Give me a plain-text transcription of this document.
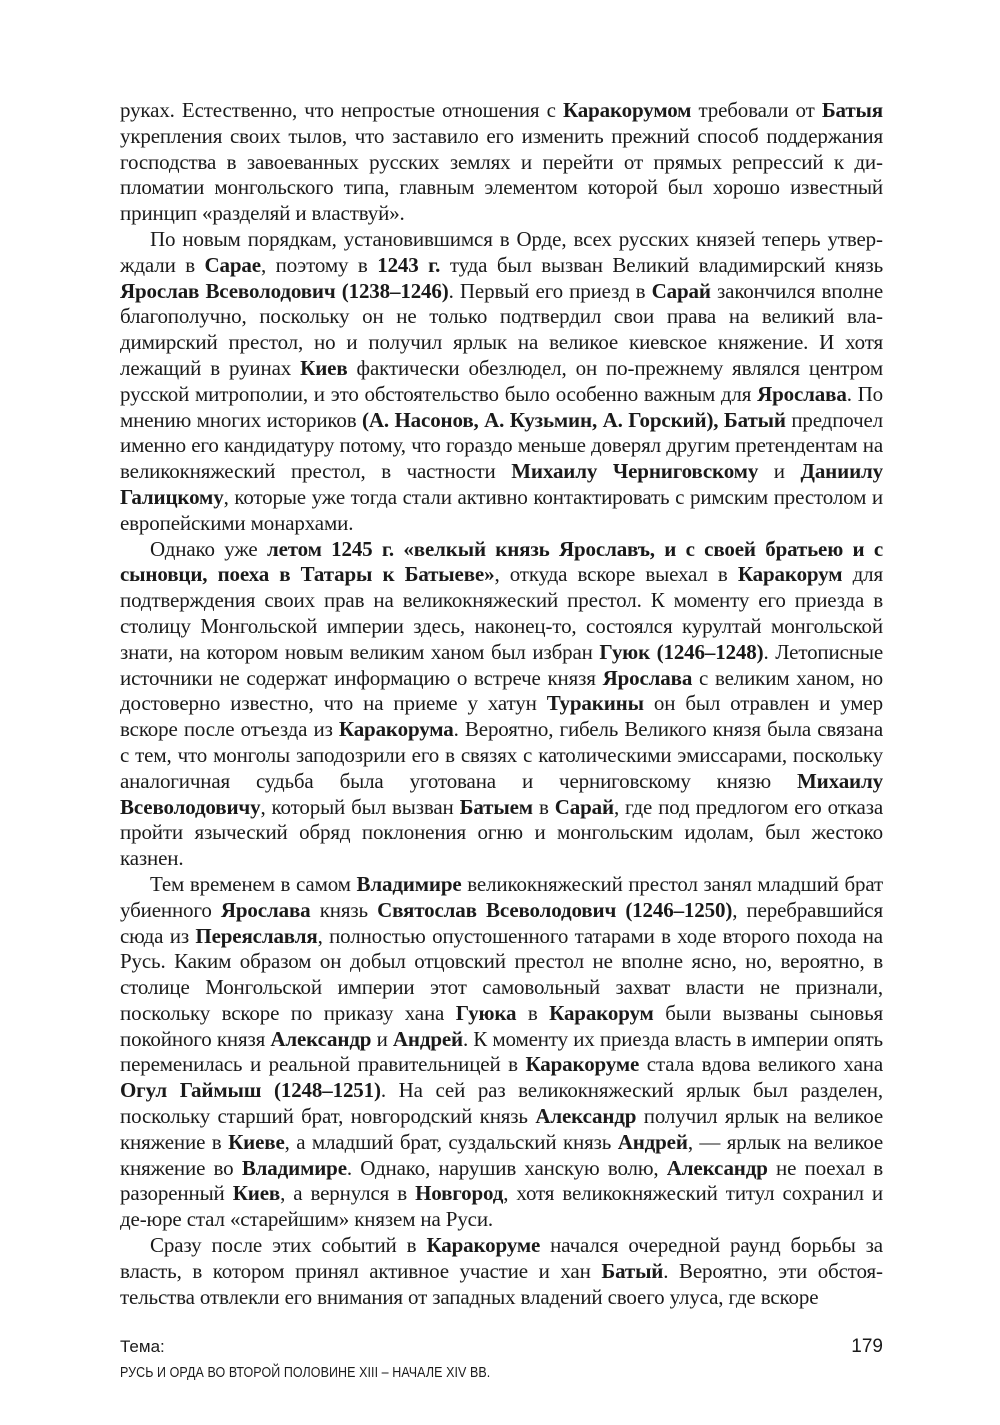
руках. Естественно, что непростые отношения с Каракорумом требовали от Батыя укрепления своих тылов, что заставило его изменить прежний способ поддержания господства в завоеванных русских землях и перейти от прямых репрессий к дипломатии монгольского типа, главным элементом которой был хорошо известный принцип «разделяй и властвуй».

По новым порядкам, установившимся в Орде, всех русских князей теперь утверждали в Сарае, поэтому в 1243 г. туда был вызван Великий владимирский князь Ярослав Всеволодович (1238–1246). Первый его приезд в Сарай закончился вполне благополучно, поскольку он не только подтвердил свои права на великий владимирский престол, но и получил ярлык на великое киевское княжение. И хотя лежащий в руинах Киев фактически обезлюдел, он по-прежнему являлся центром русской митрополии, и это обстоятельство было особенно важным для Ярослава. По мнению многих историков (А. Насонов, А. Кузьмин, А. Горский), Батый предпочел именно его кандидатуру потому, что гораздо меньше доверял другим претендентам на великокняжеский престол, в частности Михаилу Черниговскому и Даниилу Галицкому, которые уже тогда стали активно контактировать с римским престолом и европейскими монархами.

Однако уже летом 1245 г. «велкый князь Ярославъ, и с своей братьею и с сыновци, поеха в Татары к Батыеве», откуда вскоре выехал в Каракорум для подтверждения своих прав на великокняжеский престол. К моменту его приезда в столицу Монгольской империи здесь, наконец-то, состоялся курултай монгольской знати, на котором новым великим ханом был избран Гуюк (1246–1248). Летописные источники не содержат информацию о встрече князя Ярослава с великим ханом, но достоверно известно, что на приеме у хатун Туракины он был отравлен и умер вскоре после отъезда из Каракорума. Вероятно, гибель Великого князя была связана с тем, что монголы заподозрили его в связях с католическими эмиссарами, поскольку аналогичная судьба была уготована и черниговскому князю Михаилу Всеволодовичу, который был вызван Батыем в Сарай, где под предлогом его отказа пройти языческий обряд поклонения огню и монгольским идолам, был жестоко казнен.

Тем временем в самом Владимире великокняжеский престол занял младший брат убиенного Ярослава князь Святослав Всеволодович (1246–1250), перебравшийся сюда из Переяславля, полностью опустошенного татарами в ходе второго похода на Русь. Каким образом он добыл отцовский престол не вполне ясно, но, вероятно, в столице Монгольской империи этот самовольный захват власти не признали, поскольку вскоре по приказу хана Гуюка в Каракорум были вызваны сыновья покойного князя Александр и Андрей. К моменту их приезда власть в империи опять переменилась и реальной правительницей в Каракоруме стала вдова великого хана Огул Гаймыш (1248–1251). На сей раз великокняжеский ярлык был разделен, поскольку старший брат, новгородский князь Александр получил ярлык на великое княжение в Киеве, а младший брат, суздальский князь Андрей, — ярлык на великое княжение во Владимире. Однако, нарушив ханскую волю, Александр не поехал в разоренный Киев, а вернулся в Новгород, хотя великокняжеский титул сохранил и де-юре стал «старейшим» князем на Руси.

Сразу после этих событий в Каракоруме начался очередной раунд борьбы за власть, в котором принял активное участие и хан Батый. Вероятно, эти обстоятельства отвлекли его внимания от западных владений своего улуса, где вскоре

Тема:
РУСЬ И ОРДА ВО ВТОРОЙ ПОЛОВИНЕ XIII – НАЧАЛЕ XIV ВВ.
179
